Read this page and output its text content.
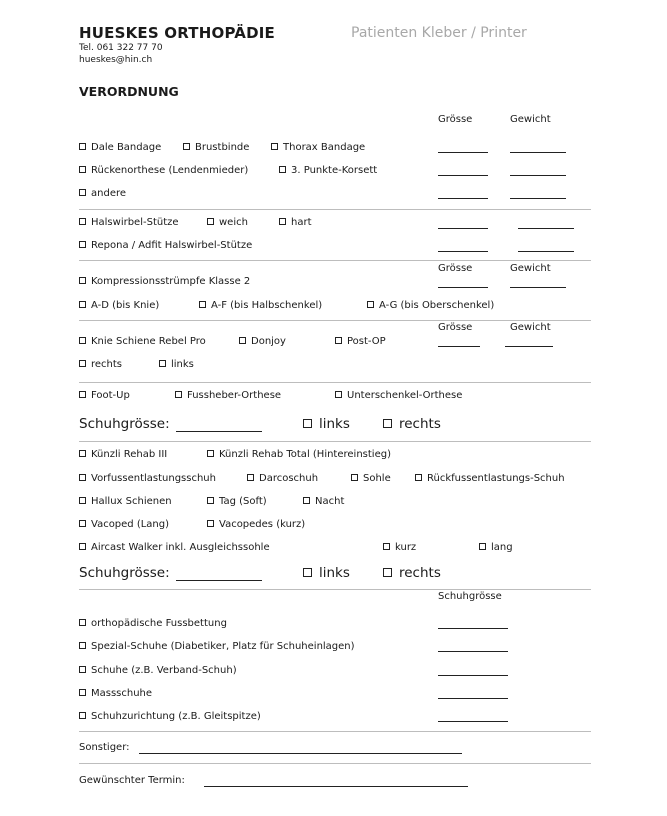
HUESKES ORTHOPÄDIE	Patienten Kleber / Printer
Tel. 061 322 77 70
hueskes@hin.ch
VERORDNUNG
Grösse	Gewicht
Dale Bandage	Brustbinde	Thorax Bandage
Rückenorthese (Lendenmieder)	3. Punkte-Korsett
andere
Halswirbel-Stütze	weich	hart
Repona / Adfit Halswirbel-Stütze
Grösse	Gewicht
Kompressionsstrümpfe Klasse 2
A-D (bis Knie)	A-F (bis Halbschenkel)	A-G (bis Oberschenkel)
Grösse	Gewicht
Knie Schiene Rebel Pro	Donjoy	Post-OP
rechts	links
Foot-Up	Fussheber-Orthese	Unterschenkel-Orthese
Schuhgrösse:	links	rechts
Künzli Rehab III	Künzli Rehab Total (Hintereinstieg)
Vorfussentlastungsschuh	Darcoschuh	Sohle	Rückfussentlastungs-Schuh
Hallux Schienen	Tag (Soft)	Nacht
Vacoped (Lang)	Vacopedes (kurz)
Aircast Walker inkl. Ausgleichssohle	kurz	lang
Schuhgrösse:	links	rechts
Schuhgrösse
orthopädische Fussbettung
Spezial-Schuhe (Diabetiker, Platz für Schuheinlagen)
Schuhe (z.B. Verband-Schuh)
Massschuhe
Schuhzurichtung (z.B. Gleitspitze)
Sonstiger:
Gewünschter Termin:
